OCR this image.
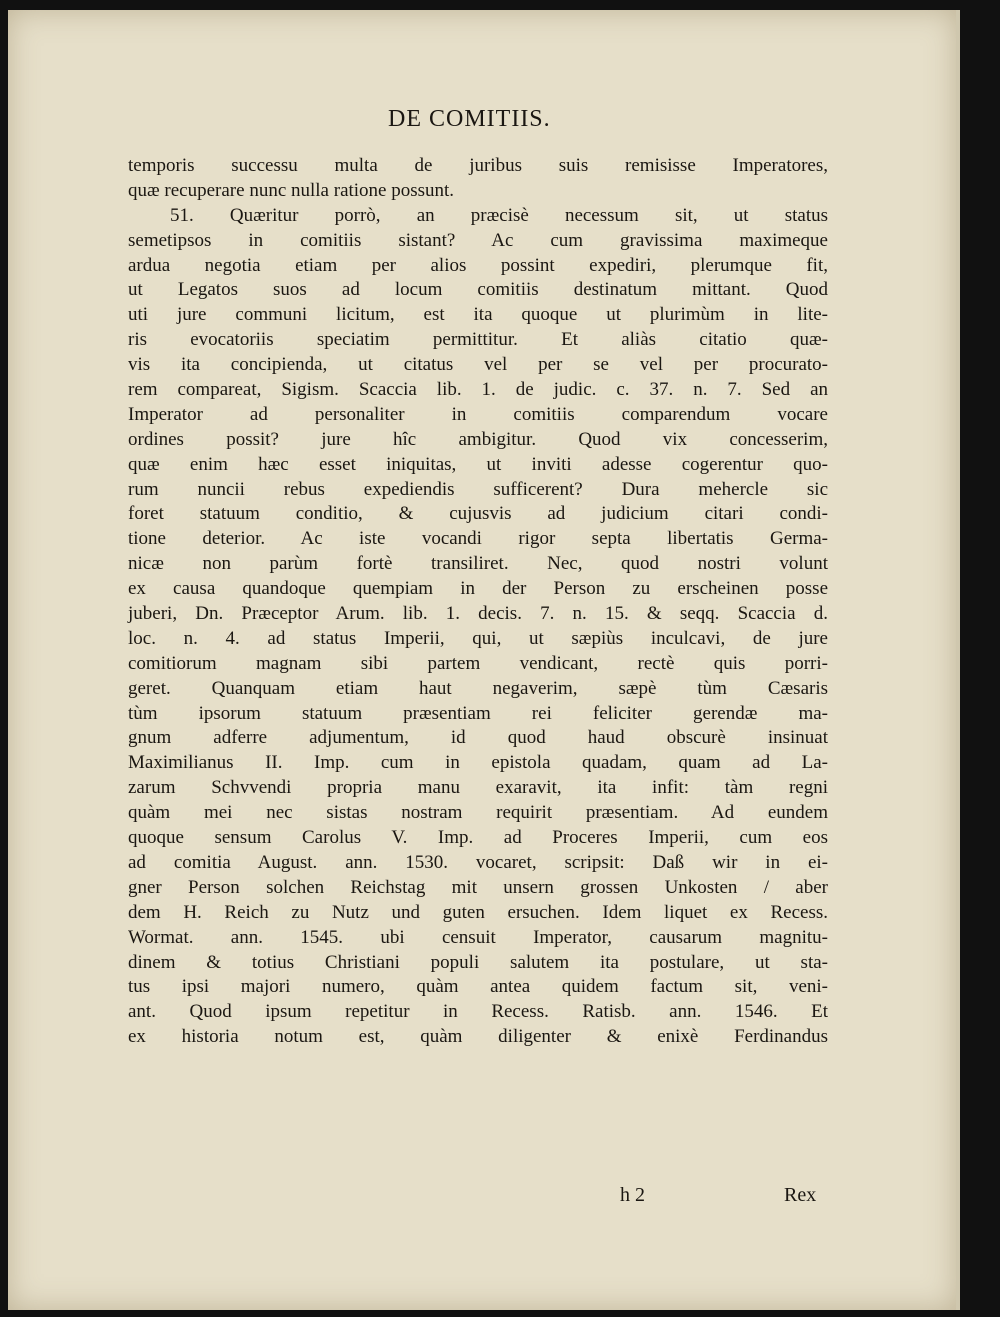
DE COMITIIS.
temporis successu multa de juribus suis remisisse Imperatores,
quæ recuperare nunc nulla ratione possunt.
51. Quæritur porrò, an præcisè necessum sit, ut status
semetipsos in comitiis sistant? Ac cum gravissima maximeque
ardua negotia etiam per alios possint expediri, plerumque fit,
ut Legatos suos ad locum comitiis destinatum mittant. Quod
uti jure communi licitum, est ita quoque ut plurimùm in lite-
ris evocatoriis speciatim permittitur. Et aliàs citatio quæ-
vis ita concipienda, ut citatus vel per se vel per procurato-
rem compareat, Sigism. Scaccia lib. 1. de judic. c. 37. n. 7. Sed an
Imperator ad personaliter in comitiis comparendum vocare
ordines possit? jure hîc ambigitur. Quod vix concesserim,
quæ enim hæc esset iniquitas, ut inviti adesse cogerentur quo-
rum nuncii rebus expediendis sufficerent? Dura mehercle sic
foret statuum conditio, & cujusvis ad judicium citari condi-
tione deterior. Ac iste vocandi rigor septa libertatis Germa-
nicæ non parùm fortè transiliret. Nec, quod nostri volunt
ex causa quandoque quempiam in der Person zu erscheinen posse
juberi, Dn. Præceptor Arum. lib. 1. decis. 7. n. 15. & seqq. Scaccia d.
loc. n. 4. ad status Imperii, qui, ut sæpiùs inculcavi, de jure
comitiorum magnam sibi partem vendicant, rectè quis porri-
geret. Quanquam etiam haut negaverim, sæpè tùm Cæsaris
tùm ipsorum statuum præsentiam rei feliciter gerendæ ma-
gnum adferre adjumentum, id quod haud obscurè insinuat
Maximilianus II. Imp. cum in epistola quadam, quam ad La-
zarum Schvvendi propria manu exaravit, ita infit: tàm regni
quàm mei nec sistas nostram requirit præsentiam. Ad eundem
quoque sensum Carolus V. Imp. ad Proceres Imperii, cum eos
ad comitia August. ann. 1530. vocaret, scripsit: Daß wir in ei-
gner Person solchen Reichstag mit unsern grossen Unkosten / aber
dem H. Reich zu Nutz und guten ersuchen. Idem liquet ex Recess.
Wormat. ann. 1545. ubi censuit Imperator, causarum magnitu-
dinem & totius Christiani populi salutem ita postulare, ut sta-
tus ipsi majori numero, quàm antea quidem factum sit, veni-
ant. Quod ipsum repetitur in Recess. Ratisb. ann. 1546. Et
ex historia notum est, quàm diligenter & enixè Ferdinandus
h 2	Rex
